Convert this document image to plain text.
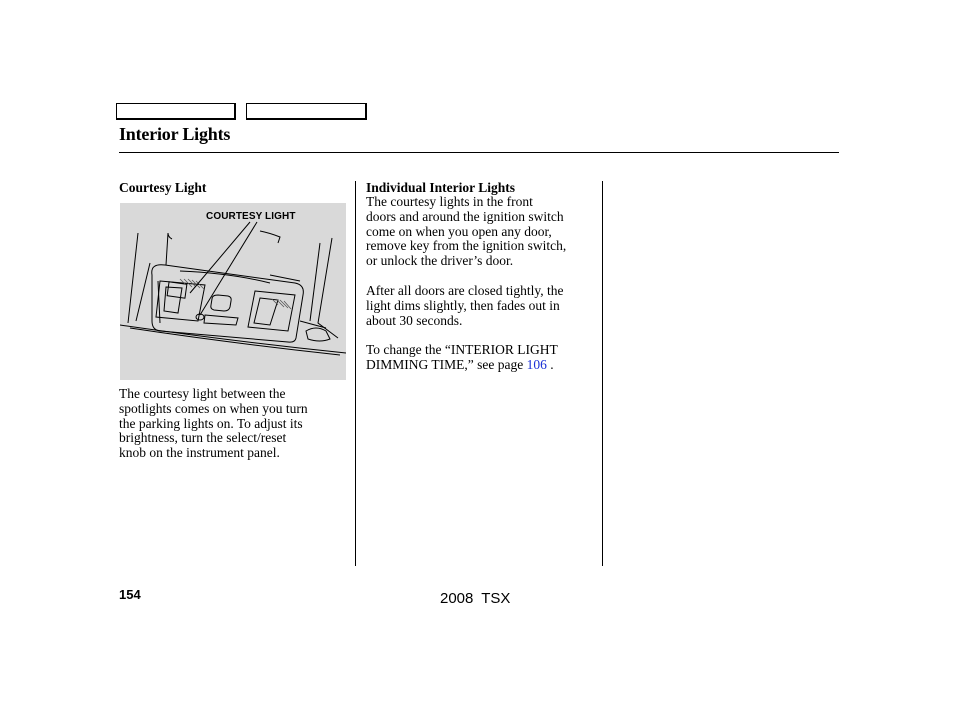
Interior Lights
Courtesy Light
COURTESY LIGHT
The courtesy light between the
spotlights comes on when you turn
the parking lights on. To adjust its
brightness, turn the select/reset
knob on the instrument panel.
Individual Interior Lights
The courtesy lights in the front
doors and around the ignition switch
come on when you open any door,
remove key from the ignition switch,
or unlock the driver’s door.
After all doors are closed tightly, the
light dims slightly, then fades out in
about 30 seconds.
To change the “INTERIOR LIGHT
DIMMING TIME,” see page 106 .
154	2008 TSX
